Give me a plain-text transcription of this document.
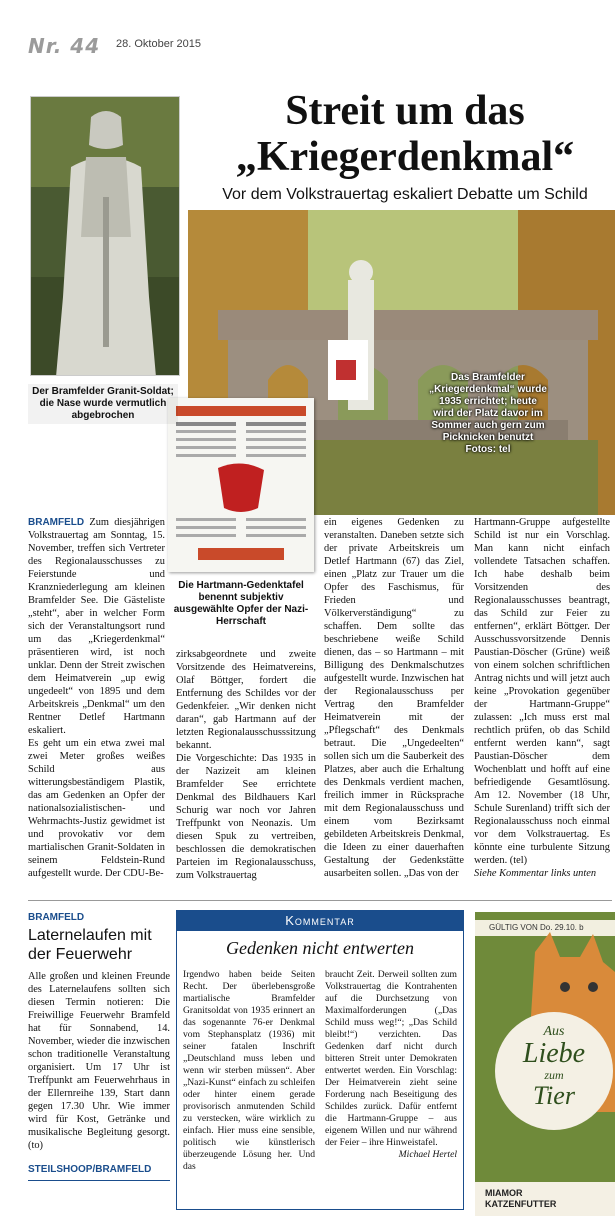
Nr. 44 28. Oktober 2015
Streit um das
„Kriegerdenkmal“
Vor dem Volkstrauertag eskaliert Debatte um Schild
Der Bramfelder Granit-Soldat; die Nase wurde vermutlich abgebrochen
Das Bramfelder „Kriegerdenkmal“ wurde 1935 errichtet; heute wird der Platz davor im Sommer auch gern zum Picknicken benutzt Fotos: tel
Die Hartmann-Gedenktafel benennt subjektiv ausgewählte Opfer der Nazi-Herrschaft

BRAMFELD Zum diesjährigen Volkstrauertag am Sonntag, 15. November, treffen sich Vertreter des Regionalausschusses zu Feierstunde und Kranzniederlegung am kleinen Bramfelder See. Die Gästeliste „steht“, aber in welcher Form sich der Veranstaltungsort rund um das „Kriegerdenkmal“ präsentieren wird, ist noch unklar. Denn der Streit zwischen dem Heimatverein „up ewig ungedeelt“ von 1895 und dem Arbeitskreis „Denkmal“ um den Rentner Detlef Hartmann eskaliert.

Es geht um ein etwa zwei mal zwei Meter großes weißes Schild aus witterungsbeständigem Plastik, das am Gedenken an Opfer der nationalsozialistischen- und Wehrmachts-Justiz gewidmet ist und provokativ vor dem martialischen Granit-Soldaten in seinem Feldstein-Rund aufgestellt wurde. Der CDU-Be-

zirksabgeordnete und zweite Vorsitzende des Heimatvereins, Olaf Böttger, fordert die Entfernung des Schildes vor der Gedenkfeier. „Wir denken nicht daran“, gab Hartmann auf der letzten Regionalausschusssitzung bekannt.

Die Vorgeschichte: Das 1935 in der Nazizeit am kleinen Bramfelder See errichtete Denkmal des Bildhauers Karl Schurig war noch vor Jahren Treffpunkt von Neonazis. Um diesen Spuk zu vertreiben, beschlossen die demokratischen Parteien im Regionalausschuss, zum Volkstrauertag

ein eigenes Gedenken zu veranstalten. Daneben setzte sich der private Arbeitskreis um Detlef Hartmann (67) das Ziel, einen „Platz zur Trauer um die Opfer des Faschismus, für Frieden und Völkerverständigung“ zu schaffen. Dem sollte das beschriebene weiße Schild dienen, das – so Hartmann – mit Billigung des Denkmalschutzes aufgestellt wurde. Inzwischen hat der Regionalausschuss per Vertrag den Bramfelder Heimatverein mit der „Pflegschaft“ des Denkmals betraut. Die „Ungedeelten“ sollen sich um die Sauberkeit des Platzes, aber auch die Erhaltung des Denkmals verdient machen, freilich immer in Rücksprache mit dem Regionalausschuss und einem vom Bezirksamt gebildeten Arbeitskreis Denkmal, die Ideen zu einer dauerhaften Gestaltung der Gedenkstätte ausarbeiten sollen. „Das von der

Hartmann-Gruppe aufgestellte Schild ist nur ein Vorschlag. Man kann nicht einfach vollendete Tatsachen schaffen. Ich habe deshalb beim Vorsitzenden des Regionalausschusses beantragt, das Schild zur Feier zu entfernen“, erklärt Böttger. Der Ausschussvorsitzende Dennis Paustian-Döscher (Grüne) weiß von einem solchen schriftlichen Antrag nichts und will jetzt auch keine „Provokation gegenüber der Hartmann-Gruppe“ zulassen: „Ich muss erst mal rechtlich prüfen, ob das Schild entfernt werden kann“, sagt Paustian-Döscher dem Wochenblatt und hofft auf eine befriedigende Gesamtlösung. Am 12. November (18 Uhr, Schule Surenland) trifft sich der Regionalausschuss noch einmal vor dem Volkstrauertag. Es könnte eine turbulente Sitzung werden. (tel)

Siehe Kommentar links unten

BRAMFELD
Laternelaufen mit der Feuerwehr
Alle großen und kleinen Freunde des Laternelaufens sollten sich diesen Termin notieren: Die Freiwillige Feuerwehr Bramfeld hat für Sonnabend, 14. November, wieder die inzwischen schon traditionelle Veranstaltung organisiert. Um 17 Uhr ist Treffpunkt am Feuerwehrhaus in der Ellernreihe 139, Start dann gegen 17.30 Uhr. Wie immer wird für Kost, Getränke und musikalische Begleitung gesorgt. (to)
STEILSHOOP/BRAMFELD
Kommentar
Gedenken nicht entwerten
Irgendwo haben beide Seiten Recht. Der überlebensgroße martialische Bramfelder Granitsoldat von 1935 erinnert an das sogenannte 76-er Denkmal vom Stephansplatz (1936) mit seiner fatalen Inschrift „Deutschland muss leben und wenn wir sterben müssen“. Aber „Nazi-Kunst“ einfach zu schleifen oder hinter einem gerade provisorisch anmutenden Schild zu verstecken, wäre wirklich zu einfach. Hier muss eine sensible, politisch wie künstlerisch überzeugende Lösung her. Und das
braucht Zeit. Derweil sollten zum Volkstrauertag die Kontrahenten auf die Durchsetzung von Maximalforderungen („Das Schild muss weg!“; „Das Schild bleibt!“) verzichten. Das Gedenken darf nicht durch bitteren Streit unter Demokraten entwertet werden. Ein Vorschlag: Der Heimatverein zieht seine Forderung nach Beseitigung des Schildes zurück. Dafür entfernt die Hartmann-Gruppe – aus eigenem Willen und nur während der Feier – ihre Hinweistafel.
Michael Hertel
GÜLTIG VON Do. 29.10. b
Aus
Liebe
zum
Tier
MIAMOR
KATZENFUTTER
